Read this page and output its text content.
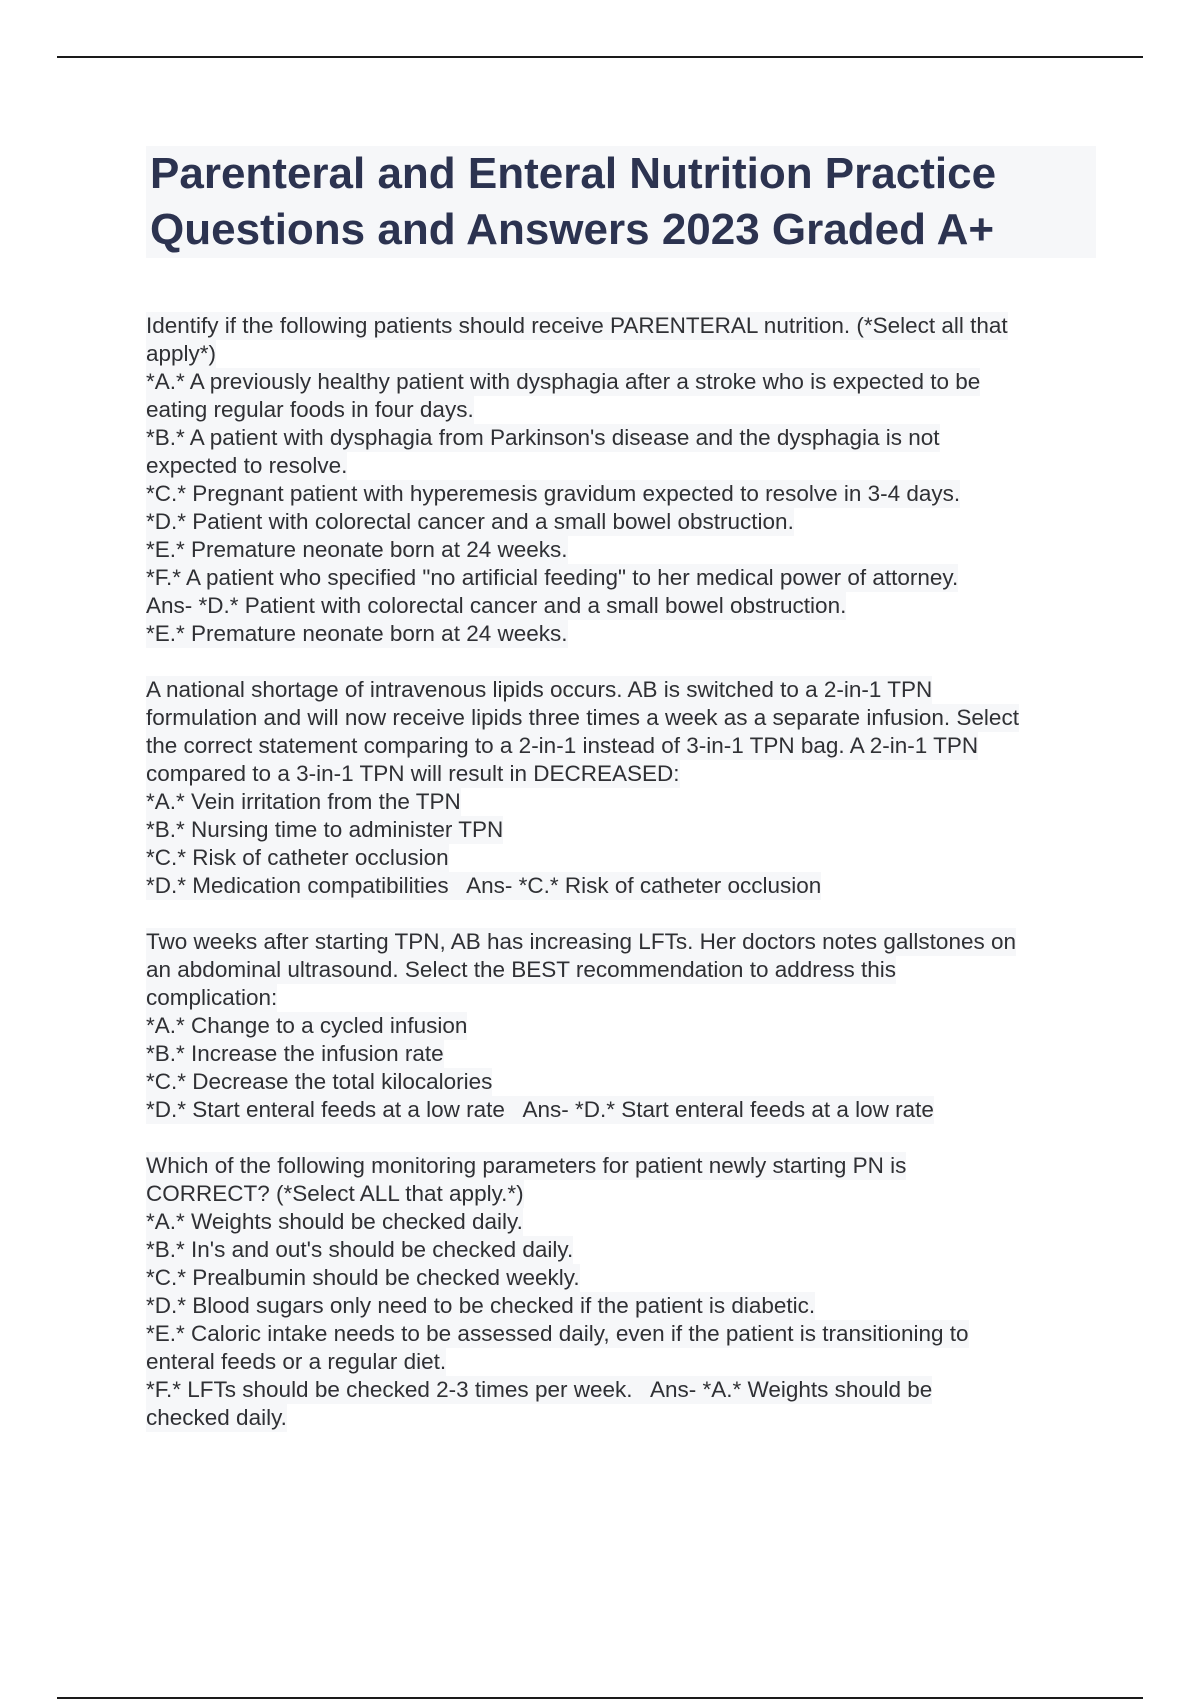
Parenteral and Enteral Nutrition Practice
Questions and Answers 2023 Graded A+
Identify if the following patients should receive PARENTERAL nutrition. (*Select all that
apply*)
*A.* A previously healthy patient with dysphagia after a stroke who is expected to be
eating regular foods in four days.
*B.* A patient with dysphagia from Parkinson's disease and the dysphagia is not
expected to resolve.
*C.* Pregnant patient with hyperemesis gravidum expected to resolve in 3-4 days.
*D.* Patient with colorectal cancer and a small bowel obstruction.
*E.* Premature neonate born at 24 weeks.
*F.* A patient who specified "no artificial feeding" to her medical power of attorney.
Ans- *D.* Patient with colorectal cancer and a small bowel obstruction.
*E.* Premature neonate born at 24 weeks.
A national shortage of intravenous lipids occurs. AB is switched to a 2-in-1 TPN
formulation and will now receive lipids three times a week as a separate infusion. Select
the correct statement comparing to a 2-in-1 instead of 3-in-1 TPN bag. A 2-in-1 TPN
compared to a 3-in-1 TPN will result in DECREASED:
*A.* Vein irritation from the TPN
*B.* Nursing time to administer TPN
*C.* Risk of catheter occlusion
*D.* Medication compatibilities   Ans- *C.* Risk of catheter occlusion
Two weeks after starting TPN, AB has increasing LFTs. Her doctors notes gallstones on
an abdominal ultrasound. Select the BEST recommendation to address this
complication:
*A.* Change to a cycled infusion
*B.* Increase the infusion rate
*C.* Decrease the total kilocalories
*D.* Start enteral feeds at a low rate   Ans- *D.* Start enteral feeds at a low rate
Which of the following monitoring parameters for patient newly starting PN is
CORRECT? (*Select ALL that apply.*)
*A.* Weights should be checked daily.
*B.* In's and out's should be checked daily.
*C.* Prealbumin should be checked weekly.
*D.* Blood sugars only need to be checked if the patient is diabetic.
*E.* Caloric intake needs to be assessed daily, even if the patient is transitioning to
enteral feeds or a regular diet.
*F.* LFTs should be checked 2-3 times per week.   Ans- *A.* Weights should be
checked daily.
